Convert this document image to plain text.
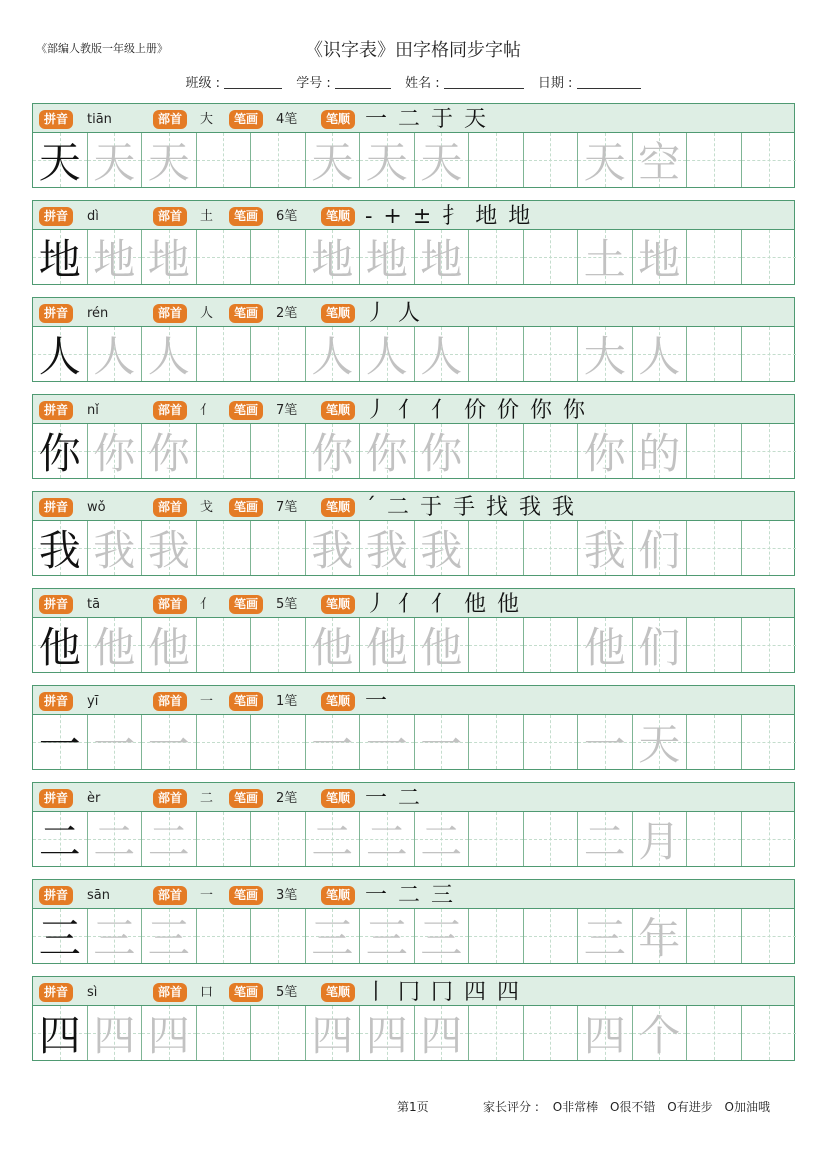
《部编人教版一年级上册》	《识字表》田字格同步字帖
班级 :	学号 :	姓名 :	日期 :
拼音	tiān	部首	大	笔画	4笔	笔顺 一 二 于 天
天 天 天	天 天 天	天 空
拼音	dì	部首	土	笔画	6笔	笔顺 - + ± 扌 地 地
地 地 地	地 地 地	土 地
拼音	rén	部首	人	笔画	2笔	笔顺 丿 人
人 人 人	人 人 人	大 人
拼音	nǐ	部首	亻	笔画	7笔	笔顺 丿 亻 亻 价 价 你 你
你 你 你	你 你 你	你 的
拼音	wǒ	部首	戈	笔画	7笔	笔顺 ´ 二 于 手 找 我 我
我 我 我	我 我 我	我 们
拼音	tā	部首	亻	笔画	5笔	笔顺 丿 亻 亻 他 他
他 他 他	他 他 他	他 们
拼音	yī	部首	一	笔画	1笔	笔顺 一
一 一 一	一 一 一	一 天
拼音	èr	部首	二	笔画	2笔	笔顺 一 二
二 二 二	二 二 二	二 月
拼音	sān	部首	一	笔画	3笔	笔顺 一 二 三
三 三 三	三 三 三	三 年
拼音	sì	部首	口	笔画	5笔	笔顺 丨 冂 冂 四 四
四 四 四	四 四 四	四 个
第1页	家长评分 : O非常棒 O很不错 O有进步 O加油哦
